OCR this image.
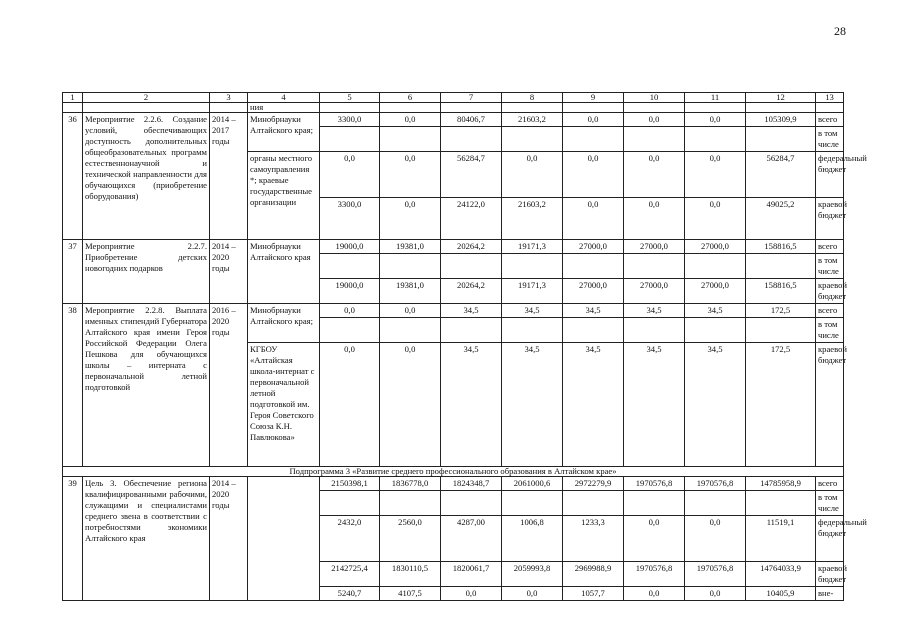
28
1	2	3	4	5	6	7	8	9	10	11	12	13
			ния									
36	Мероприятие 2.2.6. Создание условий, обеспечивающих доступность дополнительных общеобразовательных программ естественнонаучной и технической направленности для обучающихся (приобретение оборудования)	2014 – 2017 годы	Минобрнауки Алтайского края;	3300,0	0,0	80406,7	21603,2	0,0	0,0	0,0	105309,9	всего
												в том числе
			органы местного самоуправления *; краевые государственные организации	0,0	0,0	56284,7	0,0	0,0	0,0	0,0	56284,7	федеральный бюджет
				3300,0	0,0	24122,0	21603,2	0,0	0,0	0,0	49025,2	краевой бюджет
37	Мероприятие 2.2.7. Приобретение детских новогодних подарков	2014 – 2020 годы	Минобрнауки Алтайского края	19000,0	19381,0	20264,2	19171,3	27000,0	27000,0	27000,0	158816,5	всего
												в том числе
				19000,0	19381,0	20264,2	19171,3	27000,0	27000,0	27000,0	158816,5	краевой бюджет
38	Мероприятие 2.2.8. Выплата именных стипендий Губернатора Алтайского края имени Героя Российской Федерации Олега Пешкова для обучающихся школы – интерната с первоначальной летной подготовкой	2016 – 2020 годы	Минобрнауки Алтайского края;	0,0	0,0	34,5	34,5	34,5	34,5	34,5	172,5	всего
												в том числе
			КГБОУ «Алтайская школа-интернат с первоначальной летной подготовкой им. Героя Советского Союза К.Н. Павлюкова»	0,0	0,0	34,5	34,5	34,5	34,5	34,5	172,5	краевой бюджет
Подпрограмма 3 «Развитие среднего профессионального образования в Алтайском крае»												
39	Цель 3. Обеспечение региона квалифицированными рабочими, служащими и специалистами среднего звена в соответствии с потребностями экономики Алтайского края	2014 – 2020 годы		2150398,1	1836778,0	1824348,7	2061000,6	2972279,9	1970576,8	1970576,8	14785958,9	всего
												в том числе
				2432,0	2560,0	4287,00	1006,8	1233,3	0,0	0,0	11519,1	федеральный бюджет
				2142725,4	1830110,5	1820061,7	2059993,8	2969988,9	1970576,8	1970576,8	14764033,9	краевой бюджет
				5240,7	4107,5	0,0	0,0	1057,7	0,0	0,0	10405,9	вне-
